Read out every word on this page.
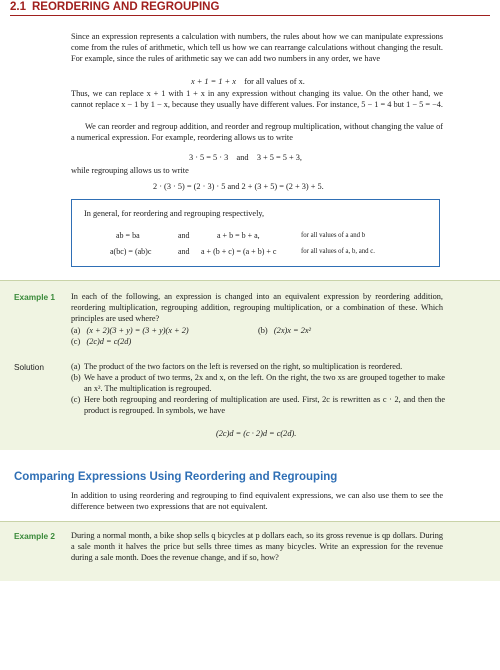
2.1 REORDERING AND REGROUPING

Since an expression represents a calculation with numbers, the rules about how we can manipulate expressions come from the rules of arithmetic, which tell us how we can rearrange calculations without changing the result. For example, since the rules of arithmetic say we can add two numbers in any order, we have

x + 1 = 1 + x for all values of x.

Thus, we can replace x + 1 with 1 + x in any expression without changing its value. On the other hand, we cannot replace x − 1 by 1 − x, because they usually have different values. For instance, 5 − 1 = 4 but 1 − 5 = −4.

We can reorder and regroup addition, and reorder and regroup multiplication, without changing the value of a numerical expression. For example, reordering allows us to write

3 · 5 = 5 · 3 and 3 + 5 = 5 + 3,

while regrouping allows us to write

2 · (3 · 5) = (2 · 3) · 5 and 2 + (3 + 5) = (2 + 3) + 5.
In general, for reordering and regrouping respectively,
ab = ba	and	a + b = b + a,	for all values of a and b
a(bc) = (ab)c	and a + (b + c) = (a + b) + c	for all values of a, b, and c.
Example 1 In each of the following, an expression is changed into an equivalent expression by reordering addition, reordering multiplication, regrouping addition, regrouping multiplication, or a combination of these. Which principles are used where?
(a) (x + 2)(3 + y) = (3 + y)(x + 2)	(b) (2x)x = 2x²
(c) (2c)d = c(2d)
Solution	(a) The product of the two factors on the left is reversed on the right, so multiplication is reordered.
(b) We have a product of two terms, 2x and x, on the left. On the right, the two xs are grouped together to make an x². The multiplication is regrouped.
(c) Here both regrouping and reordering of multiplication are used. First, 2c is rewritten as c · 2, and then the product is regrouped. In symbols, we have
(2c)d = (c · 2)d = c(2d).
Comparing Expressions Using Reordering and Regrouping

In addition to using reordering and regrouping to find equivalent expressions, we can also use them to see the difference between two expressions that are not equivalent.

Example 2 During a normal month, a bike shop sells q bicycles at p dollars each, so its gross revenue is qp dollars. During a sale month it halves the price but sells three times as many bicycles. Write an expression for the revenue during a sale month. Does the revenue change, and if so, how?
